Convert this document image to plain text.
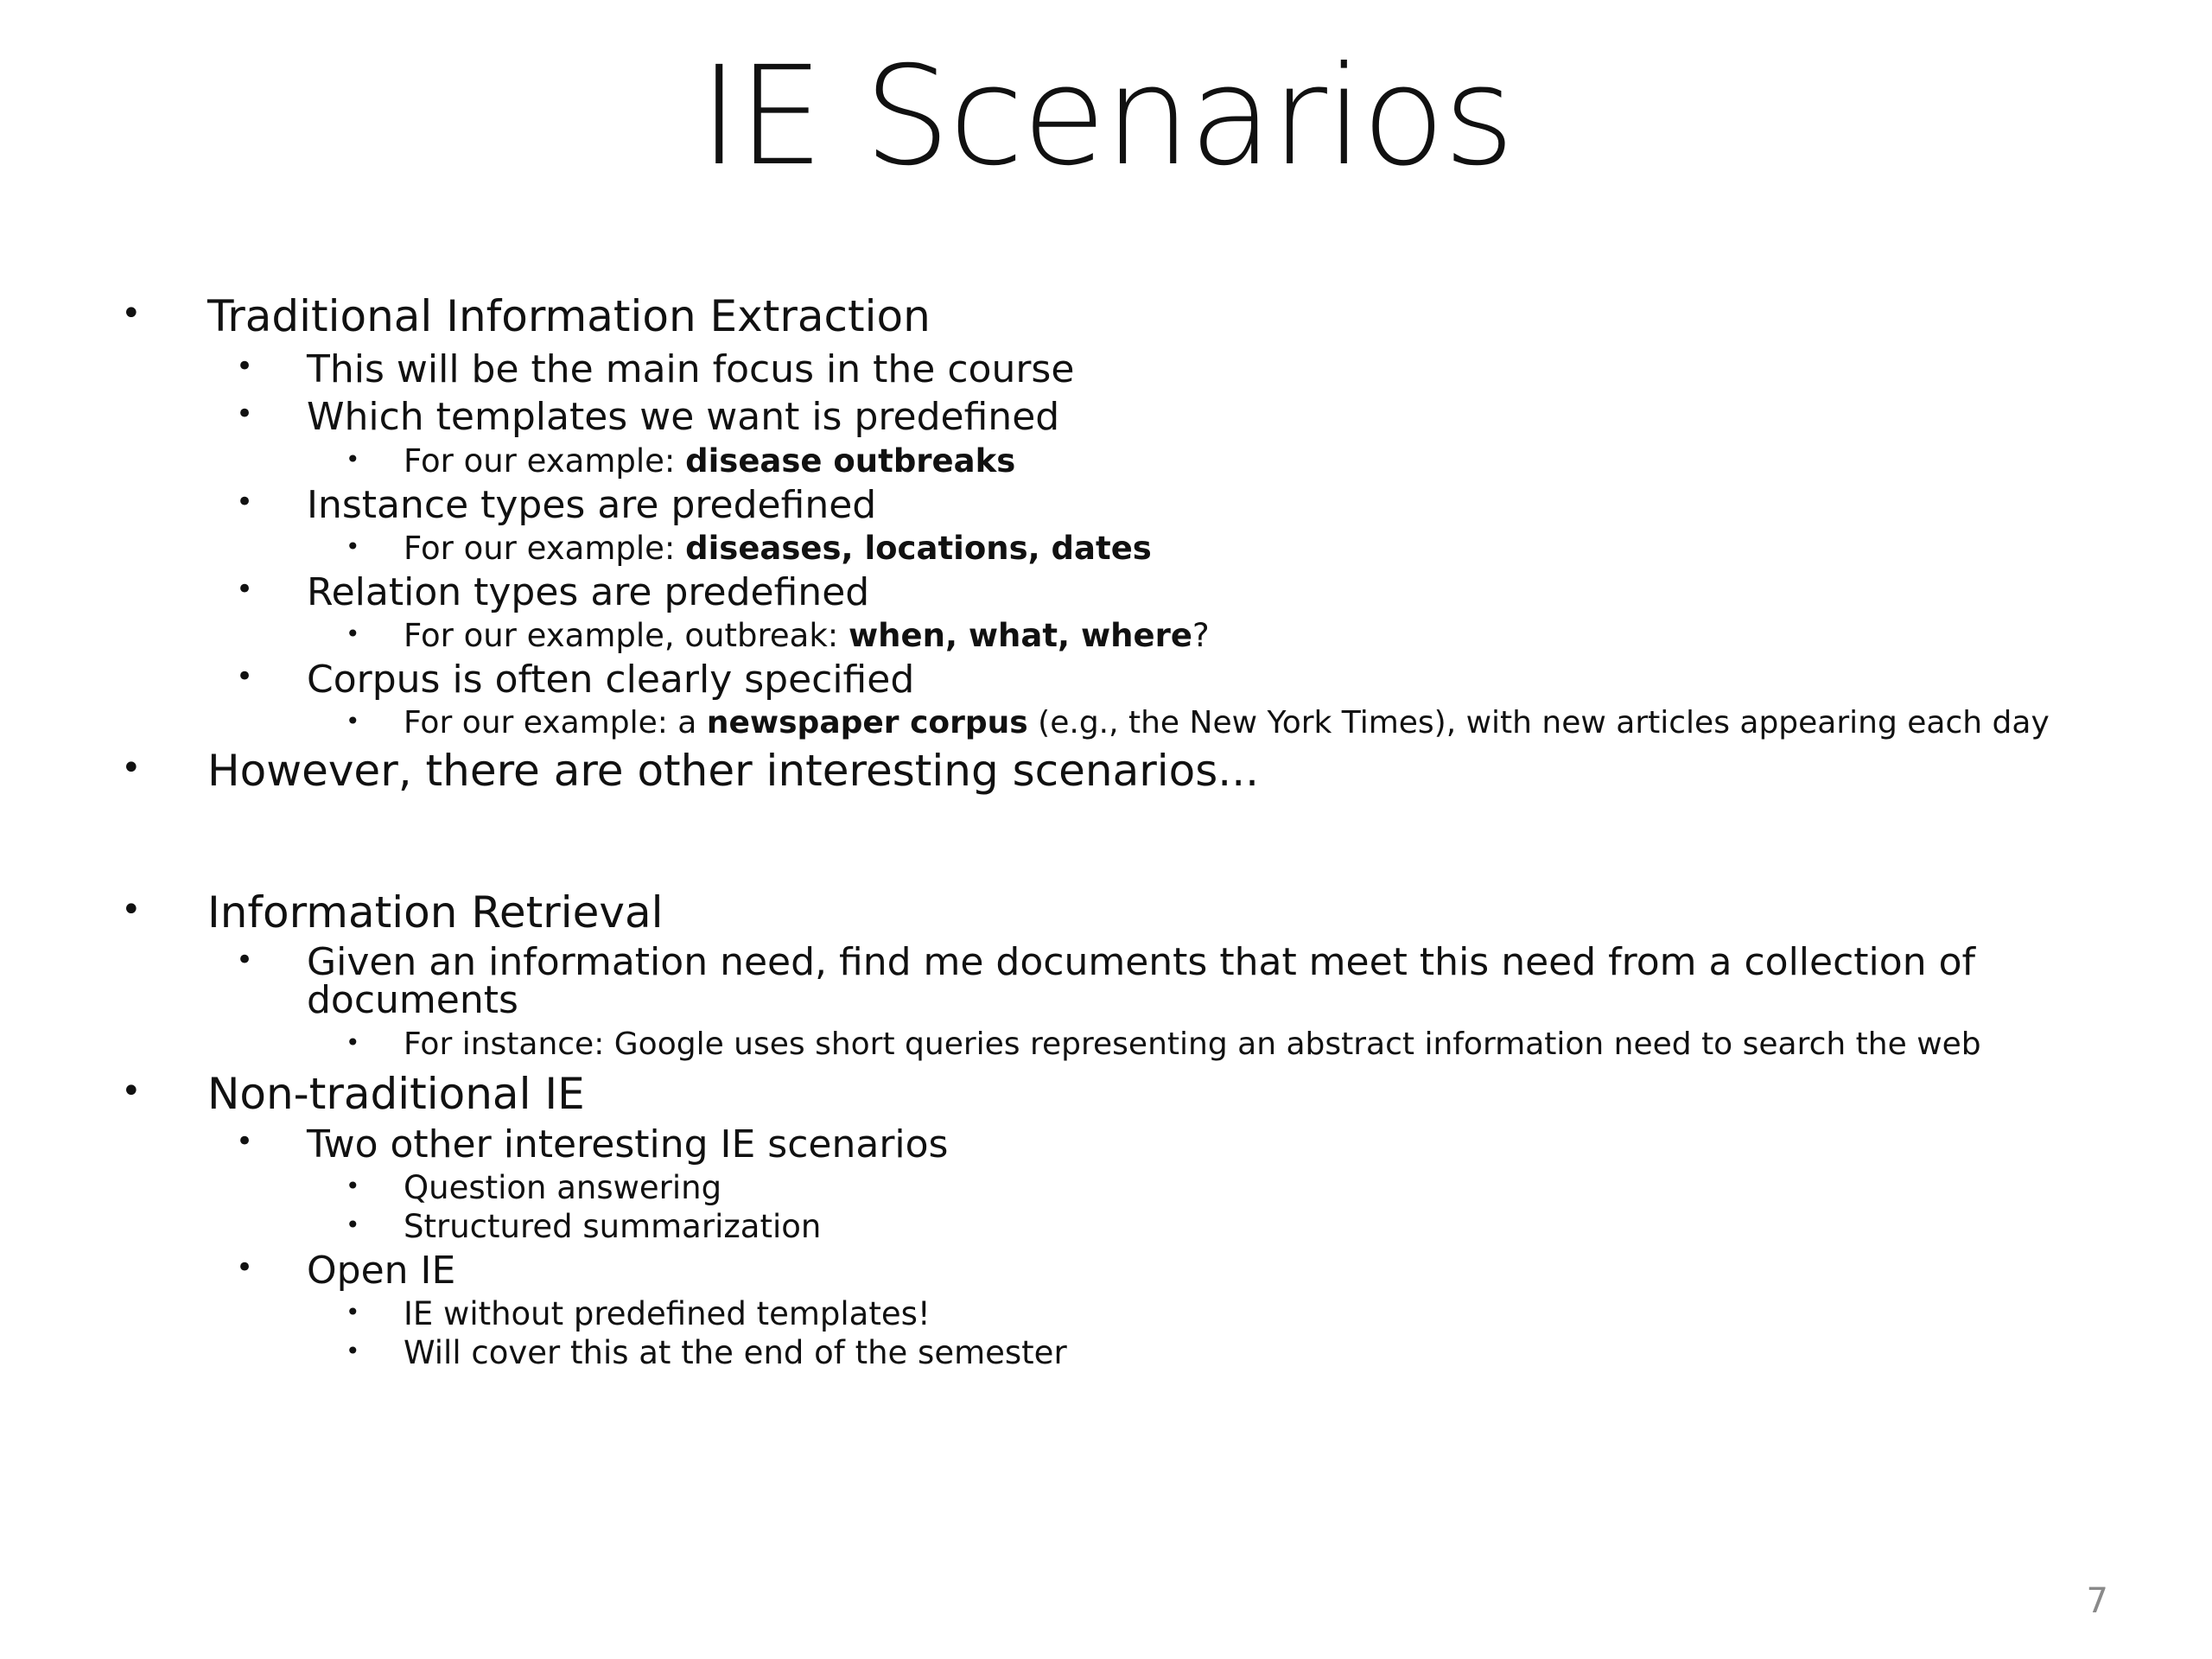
IE Scenarios
• Traditional Information Extraction
• This will be the main focus in the course
• Which templates we want is predefined
• For our example: disease outbreaks
• Instance types are predefined
• For our example: diseases, locations, dates
• Relation types are predefined
• For our example, outbreak: when, what, where?
• Corpus is often clearly specified
• For our example: a newspaper corpus (e.g., the New York Times), with new articles appearing each day
• However, there are other interesting scenarios...
• Information Retrieval
• Given an information need, find me documents that meet this need from a collection of documents
• For instance: Google uses short queries representing an abstract information need to search the web
• Non-traditional IE
• Two other interesting IE scenarios
• Question answering
• Structured summarization
• Open IE
• IE without predefined templates!
• Will cover this at the end of the semester
7
